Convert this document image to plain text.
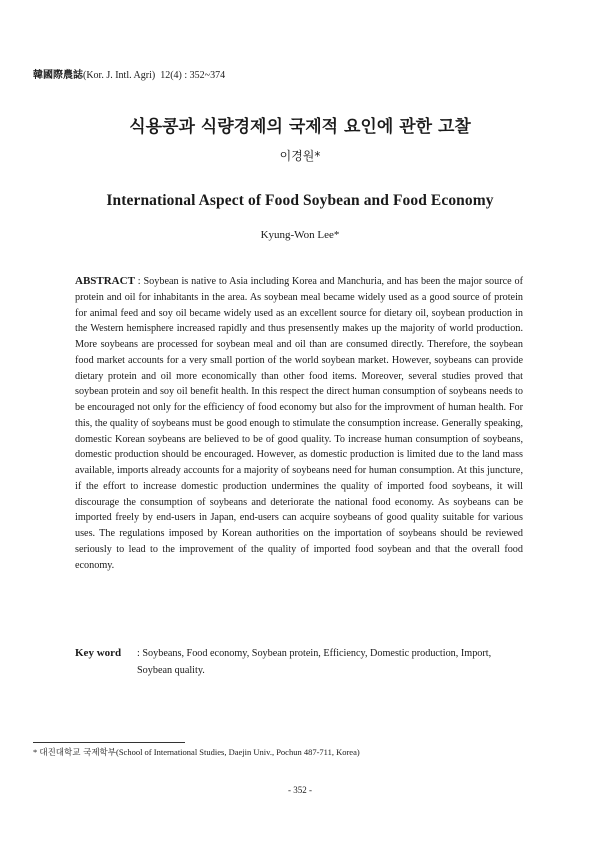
韓國際農誌(Kor. J. Intl. Agri) 12(4) : 352~374
식용콩과 식량경제의 국제적 요인에 관한 고찰
이경원*
International Aspect of Food Soybean and Food Economy
Kyung-Won Lee*

ABSTRACT : Soybean is native to Asia including Korea and Manchuria, and has been the major source of protein and oil for inhabitants in the area. As soybean meal became widely used as a good source of protein for animal feed and soy oil became widely used as an excellent source for dietary oil, soybean production in the Western hemisphere increased rapidly and thus presensently makes up the majority of world production. More soybeans are processed for soybean meal and oil than are consumed directly. Therefore, the soybean food market accounts for a very small portion of the world soybean market. However, soybeans can provide dietary protein and oil more economically than other food items. Moreover, several studies proved that soybean protein and soy oil benefit health. In this respect the direct human consumption of soybeans needs to be encouraged not only for the efficiency of food economy but also for the improvment of human health. For this, the quality of soybeans must be good enough to stimulate the consumption increase. Generally speaking, domestic Korean soybeans are believed to be of good quality. To increase human consumption of soybeans, domestic production should be encouraged. However, as domestic production is limited due to the land mass available, imports already accounts for a majority of soybeans need for human consumption. At this juncture, if the effort to increase domestic production undermines the quality of imported food soybeans, it will discourage the consumption of soybeans and deteriorate the national food economy. As soybeans can be imported freely by end-users in Japan, end-users can acquire soybeans of good quality suitable for various uses. The regulations imposed by Korean authorities on the importation of soybeans should be reviewed seriously to lead to the improvement of the quality of imported food soybean and that the overall food economy.

Key word : Soybeans, Food economy, Soybean protein, Efficiency, Domestic production, Import, Soybean quality.
* 대진대학교 국제학부(School of International Studies, Daejin Univ., Pochun 487-711, Korea)
- 352 -
